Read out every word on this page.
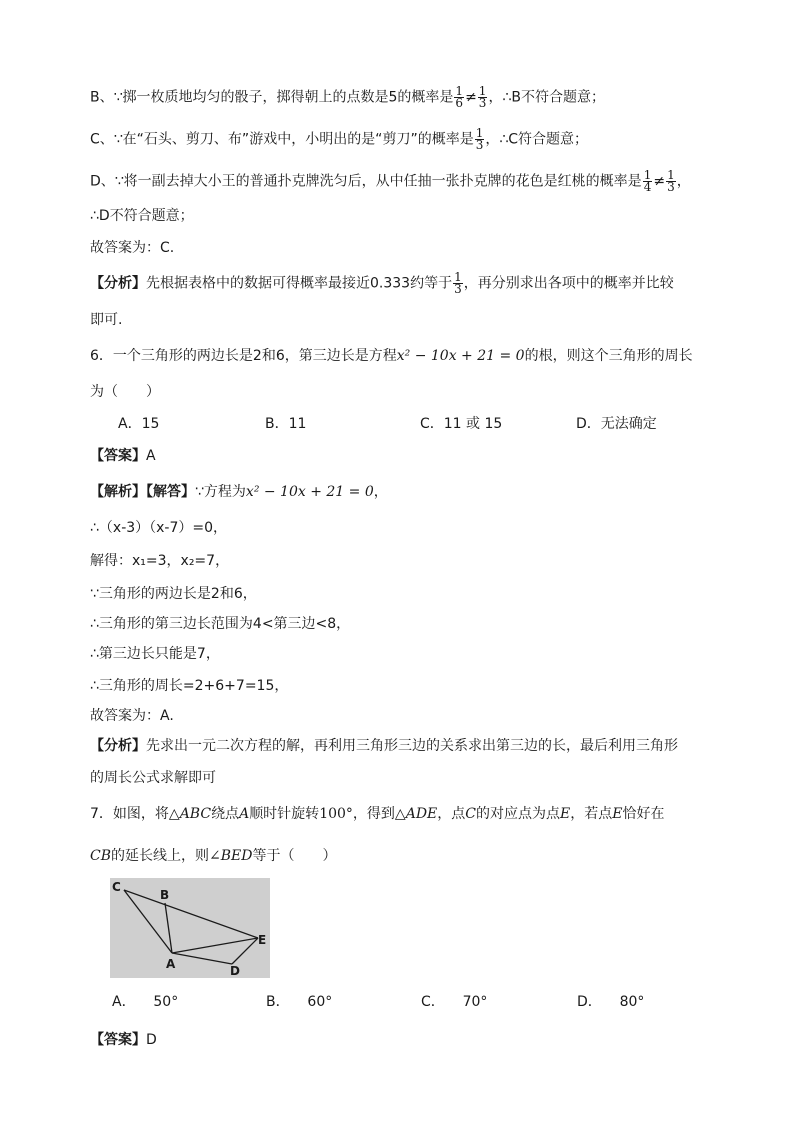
B、∵掷一枚质地均匀的骰子，掷得朝上的点数是5的概率是 $\frac{1}{6} \ne \frac{1}{3}$ ，∴B不符合题意；
C、∵在“石头、剪刀、布”游戏中，小明出的是“剪刀”的概率是 $\frac{1}{3}$ ，∴C符合题意；
D、∵将一副去掉大小王的普通扑克牌洗匀后，从中任抽一张扑克牌的花色是红桃的概率是 $\frac{1}{4} \ne \frac{1}{3}$ ，
∴D不符合题意；
故答案为：C.
【分析】先根据表格中的数据可得概率最接近0.333约等于 $\frac{1}{3}$ ，再分别求出各项中的概率并比较
即可.
6．一个三角形的两边长是2和6，第三边长是方程x² − 10x + 21 = 0的根，则这个三角形的周长
为（　　）
A．15	B．11	C．11 或 15	D．无法确定
【答案】A
【解析】【解答】∵方程为x² − 10x + 21 = 0，
∴（x-3）（x-7）=0，
解得：x₁=3，x₂=7，
∵三角形的两边长是2和6，
∴三角形的第三边长范围为4<第三边<8，
∴第三边长只能是7，
∴三角形的周长=2+6+7=15，
故答案为：A.
【分析】先求出一元二次方程的解，再利用三角形三边的关系求出第三边的长，最后利用三角形
的周长公式求解即可
7．如图，将△ABC绕点A顺时针旋转100°，得到△ADE，点C的对应点为点E，若点E恰好在
CB的延长线上，则∠BED等于（　　）
C
B
E
A	D
A． 50°	B． 60°	C． 70°	D． 80°
【答案】D
